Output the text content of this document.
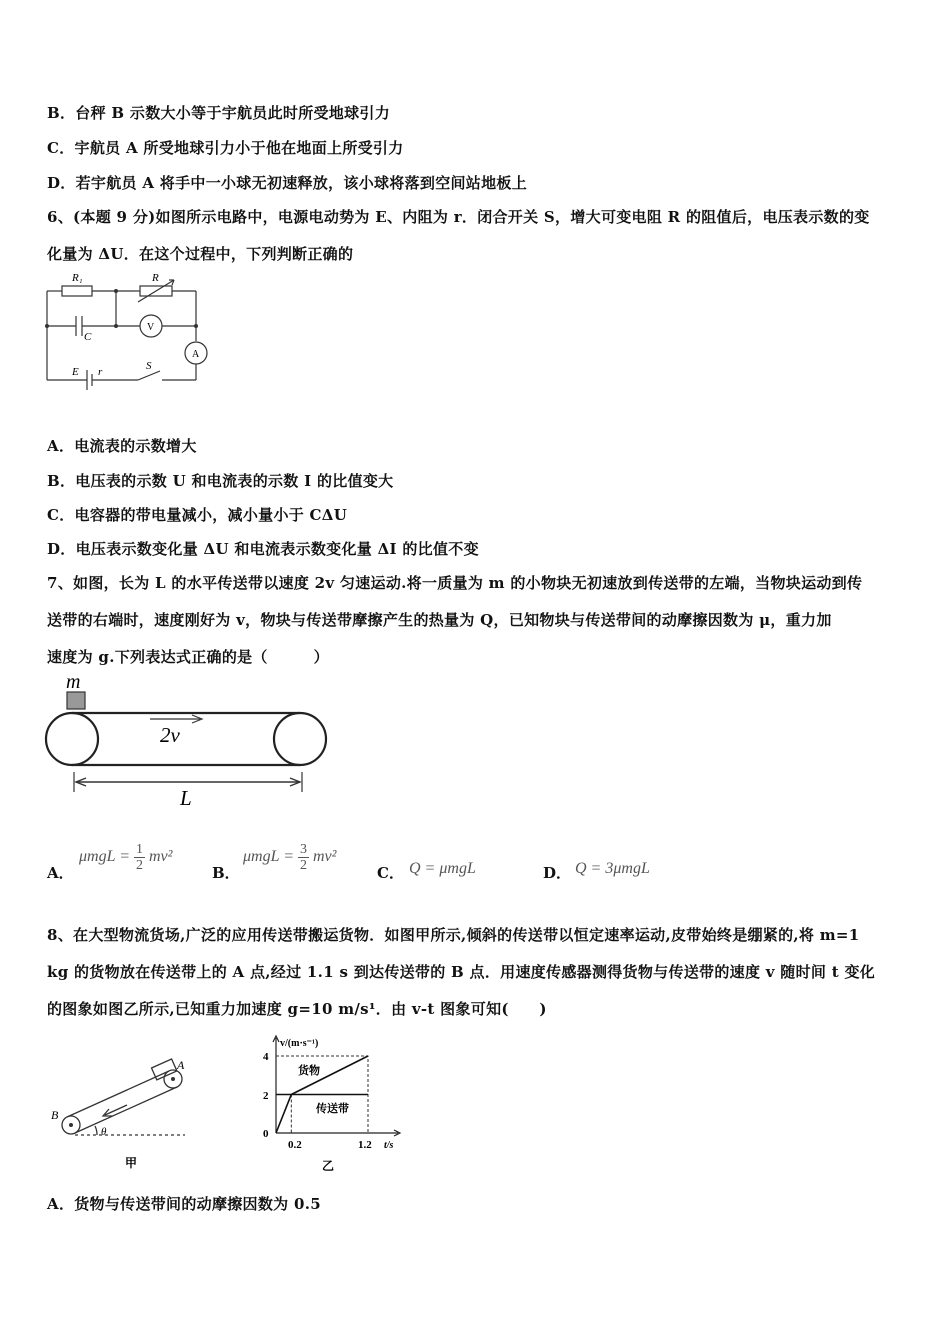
B．台秤 B 示数大小等于宇航员此时所受地球引力
C．宇航员 A 所受地球引力小于他在地面上所受引力
D．若宇航员 A 将手中一小球无初速释放，该小球将落到空间站地板上
6、(本题 9 分)如图所示电路中，电源电动势为 E、内阻为 r．闭合开关 S，增大可变电阻 R 的阻值后，电压表示数的变
化量为 ΔU．在这个过程中，下列判断正确的
R₁	R
C
V
A
E r	S
A．电流表的示数增大
B．电压表的示数 U 和电流表的示数 I 的比值变大
C．电容器的带电量减小，减小量小于 CΔU
D．电压表示数变化量 ΔU 和电流表示数变化量 ΔI 的比值不变
7、如图，长为 L 的水平传送带以速度 2v 匀速运动.将一质量为 m 的小物块无初速放到传送带的左端，当物块运动到传
送带的右端时，速度刚好为 v，物块与传送带摩擦产生的热量为 Q，已知物块与传送带间的动摩擦因数为 μ，重力加
速度为 g.下列表达式正确的是（　　　）
m
2v
L
A．
$\mu mgL = \frac{1}{2} mv^2$
B．
$\mu mgL = \frac{3}{2} mv^2$
C． Q = μmgL	D． Q = 3μmgL
8、在大型物流货场,广泛的应用传送带搬运货物．如图甲所示,倾斜的传送带以恒定速率运动,皮带始终是绷紧的,将 m=1
kg 的货物放在传送带上的 A 点,经过 1.1 s 到达传送带的 B 点．用速度传感器测得货物与传送带的速度 v 随时间 t 变化
的图象如图乙所示,已知重力加速度 g=10 m/s¹．由 v-t 图象可知(　　)
A
B
θ
甲
v/(m·s⁻¹)
t/s
4
2
0
0.2	1.2
货物
传送带
乙
A．货物与传送带间的动摩擦因数为 0.5
